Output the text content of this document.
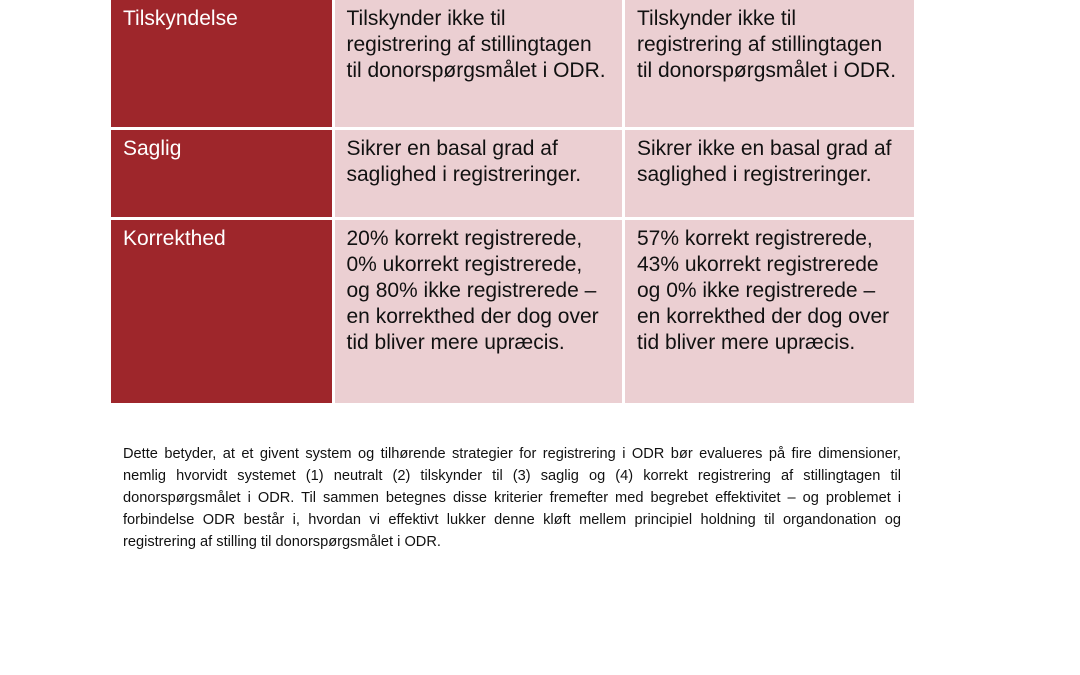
Tilskyndelse	Tilskynder ikke til registrering af stillingtagen til donorspørgsmålet i ODR.	Tilskynder ikke til registrering af stillingtagen til donorspørgsmålet i ODR.
Saglig	Sikrer en basal grad af saglighed i registreringer.	Sikrer ikke en basal grad af saglighed i registreringer.
Korrekthed	20% korrekt registrerede, 0% ukorrekt registrerede, og 80% ikke registrerede – en korrekthed der dog over tid bliver mere upræcis.	57% korrekt registrerede, 43% ukorrekt registrerede og 0% ikke registrerede – en korrekthed der dog over tid bliver mere upræcis.

Dette betyder, at et givent system og tilhørende strategier for registrering i ODR bør evalueres på fire dimensioner, nemlig hvorvidt systemet (1) neutralt (2) tilskynder til (3) saglig og (4) korrekt registrering af stillingtagen til donorspørgsmålet i ODR. Til sammen betegnes disse kriterier fremefter med begrebet effektivitet – og problemet i forbindelse ODR består i, hvordan vi effektivt lukker denne kløft mellem principiel holdning til organdonation og registrering af stilling til donorspørgsmålet i ODR.
